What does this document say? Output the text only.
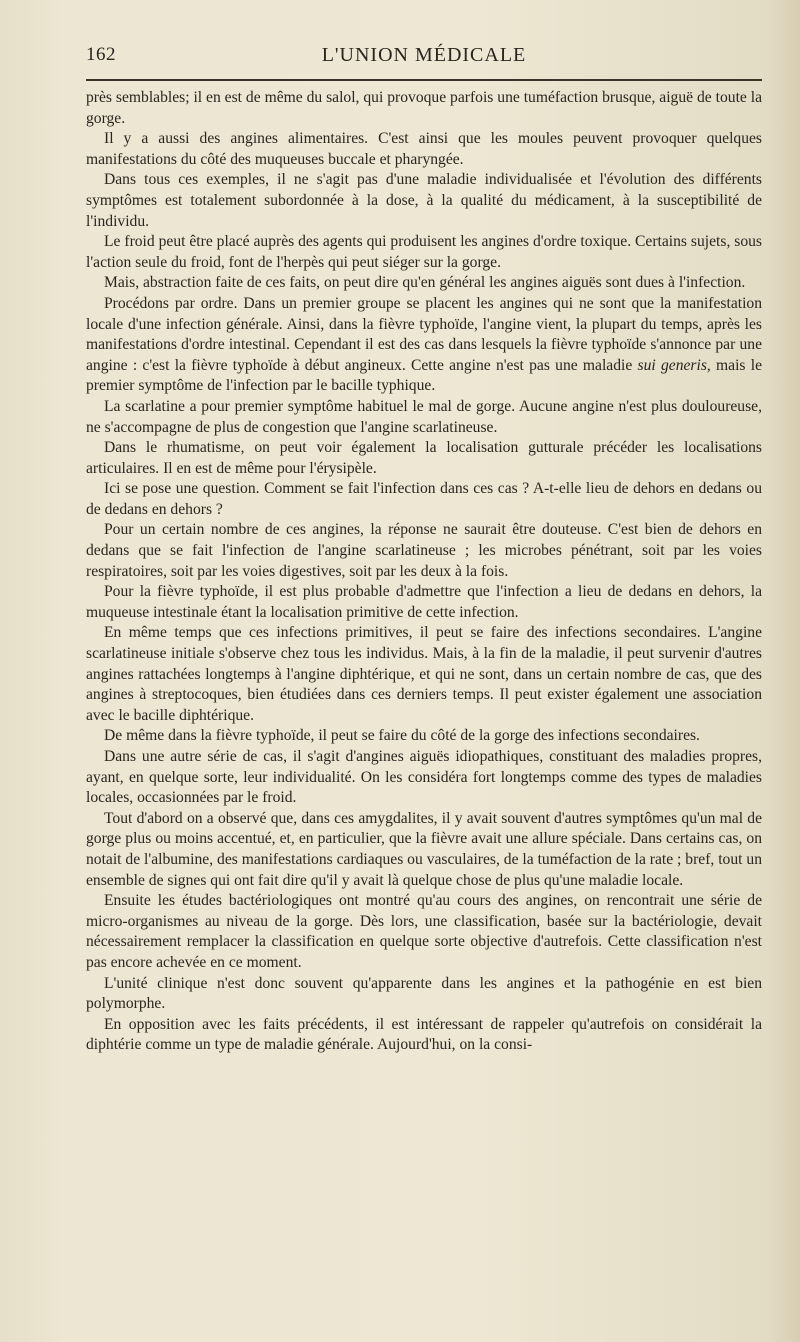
162	L'UNION MÉDICALE

près semblables; il en est de même du salol, qui provoque parfois une tuméfaction brusque, aiguë de toute la gorge.

Il y a aussi des angines alimentaires. C'est ainsi que les moules peuvent provoquer quelques manifestations du côté des muqueuses buccale et pharyngée.

Dans tous ces exemples, il ne s'agit pas d'une maladie individualisée et l'évolution des différents symptômes est totalement subordonnée à la dose, à la qualité du médicament, à la susceptibilité de l'individu.

Le froid peut être placé auprès des agents qui produisent les angines d'ordre toxique. Certains sujets, sous l'action seule du froid, font de l'herpès qui peut siéger sur la gorge.

Mais, abstraction faite de ces faits, on peut dire qu'en général les angines aiguës sont dues à l'infection.

Procédons par ordre. Dans un premier groupe se placent les angines qui ne sont que la manifestation locale d'une infection générale. Ainsi, dans la fièvre typhoïde, l'angine vient, la plupart du temps, après les manifestations d'ordre intestinal. Cependant il est des cas dans lesquels la fièvre typhoïde s'annonce par une angine : c'est la fièvre typhoïde à début angineux. Cette angine n'est pas une maladie sui generis, mais le premier symptôme de l'infection par le bacille typhique.

La scarlatine a pour premier symptôme habituel le mal de gorge. Aucune angine n'est plus douloureuse, ne s'accompagne de plus de congestion que l'angine scarlatineuse.

Dans le rhumatisme, on peut voir également la localisation gutturale précéder les localisations articulaires. Il en est de même pour l'érysipèle.

Ici se pose une question. Comment se fait l'infection dans ces cas ? A-t-elle lieu de dehors en dedans ou de dedans en dehors ?

Pour un certain nombre de ces angines, la réponse ne saurait être douteuse. C'est bien de dehors en dedans que se fait l'infection de l'angine scarlatineuse ; les microbes pénétrant, soit par les voies respiratoires, soit par les voies digestives, soit par les deux à la fois.

Pour la fièvre typhoïde, il est plus probable d'admettre que l'infection a lieu de dedans en dehors, la muqueuse intestinale étant la localisation primitive de cette infection.

En même temps que ces infections primitives, il peut se faire des infections secondaires. L'angine scarlatineuse initiale s'observe chez tous les individus. Mais, à la fin de la maladie, il peut survenir d'autres angines rattachées longtemps à l'angine diphtérique, et qui ne sont, dans un certain nombre de cas, que des angines à streptocoques, bien étudiées dans ces derniers temps. Il peut exister également une association avec le bacille diphtérique.

De même dans la fièvre typhoïde, il peut se faire du côté de la gorge des infections secondaires.

Dans une autre série de cas, il s'agit d'angines aiguës idiopathiques, constituant des maladies propres, ayant, en quelque sorte, leur individualité. On les considéra fort longtemps comme des types de maladies locales, occasionnées par le froid.

Tout d'abord on a observé que, dans ces amygdalites, il y avait souvent d'autres symptômes qu'un mal de gorge plus ou moins accentué, et, en particulier, que la fièvre avait une allure spéciale. Dans certains cas, on notait de l'albumine, des manifestations cardiaques ou vasculaires, de la tuméfaction de la rate ; bref, tout un ensemble de signes qui ont fait dire qu'il y avait là quelque chose de plus qu'une maladie locale.

Ensuite les études bactériologiques ont montré qu'au cours des angines, on rencontrait une série de micro-organismes au niveau de la gorge. Dès lors, une classification, basée sur la bactériologie, devait nécessairement remplacer la classification en quelque sorte objective d'autrefois. Cette classification n'est pas encore achevée en ce moment.

L'unité clinique n'est donc souvent qu'apparente dans les angines et la pathogénie en est bien polymorphe.

En opposition avec les faits précédents, il est intéressant de rappeler qu'autrefois on considérait la diphtérie comme un type de maladie générale. Aujourd'hui, on la consi-
